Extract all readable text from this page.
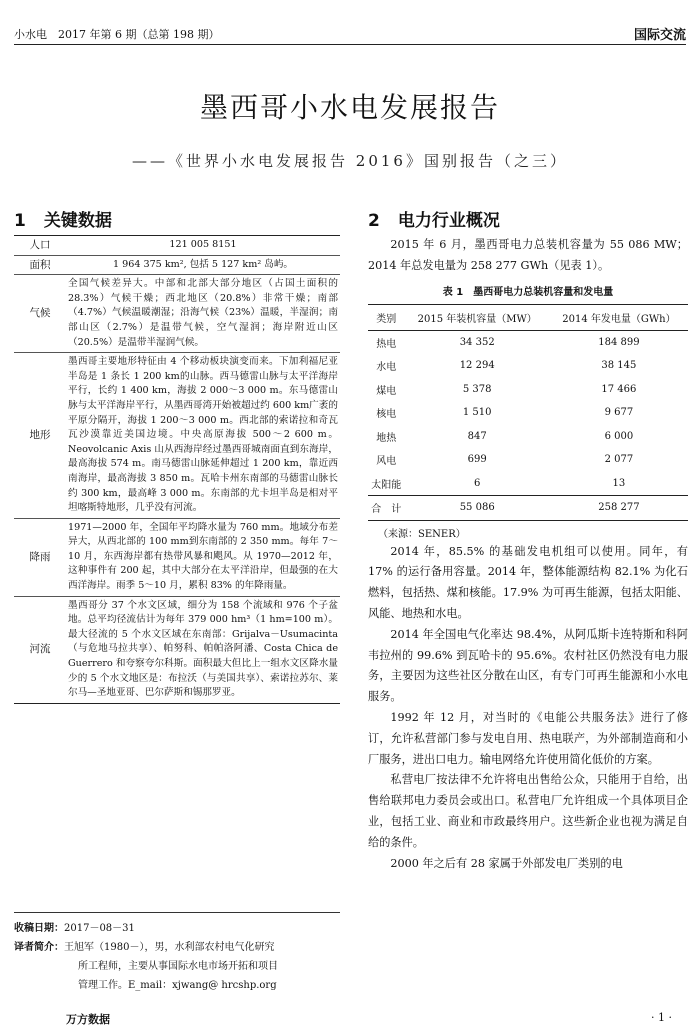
小水电　2017 年第 6 期（总第 198 期）	国际交流
墨西哥小水电发展报告
——《世界小水电发展报告 2016》国别报告（之三）
1 关键数据
人口	121 005 8151
面积	1 964 375 km², 包括 5 127 km² 岛屿。
气候	全国气候差异大。中部和北部大部分地区（占国土面积的 28.3%）气候干燥；西北地区（20.8%）非常干燥；南部（4.7%）气候温暖潮湿；沿海气候（23%）温暖，半湿润；南部山区（2.7%）是温带气候，空气湿润；海岸附近山区（20.5%）是温带半湿润气候。
地形	墨西哥主要地形特征由 4 个移动板块演变而来。下加利福尼亚半岛是 1 条长 1 200 km的山脉。西马德雷山脉与太平洋海岸平行，长约 1 400 km，海拔 2 000～3 000 m。东马德雷山脉与太平洋海岸平行，从墨西哥湾开始被超过约 600 km广袤的平原分隔开，海拔 1 200～3 000 m。西北部的索诺拉和奇瓦瓦沙漠靠近美国边境。中央高原海拔 500～2 600 m。Neovolcanic Axis 山从西海岸经过墨西哥城南面直到东海岸，最高海拔 574 m。南马德雷山脉延伸超过 1 200 km，靠近西南海岸，最高海拔 3 850 m。瓦哈卡州东南部的马德雷山脉长约 300 km，最高峰 3 000 m。东南部的尤卡坦半岛是相对平坦喀斯特地形，几乎没有河流。
降雨	1971—2000 年，全国年平均降水量为 760 mm。地域分布差异大，从西北部的 100 mm到东南部的 2 350 mm。每年 7～10 月，东西海岸都有热带风暴和飓风。从 1970—2012 年，这种事件有 200 起，其中大部分在太平洋沿岸，但最强的在大西洋海岸。雨季 5～10 月，累积 83% 的年降雨量。
河流	墨西哥分 37 个水文区域，细分为 158 个流域和 976 个子盆地。总平均径流估计为每年 379 000 hm³（1 hm=100 m）。最大径流的 5 个水文区域在东南部：Grijalva－Usumacinta（与危地马拉共享）、帕努科、帕帕洛阿潘、Costa Chica de Guerrero 和夸察夸尔科斯。面积最大但比上一组水文区降水量少的 5 个水文地区是：布拉沃（与美国共享）、索诺拉苏尔、莱尔马—圣地亚哥、巴尔萨斯和锡那罗亚。
收稿日期：2017－08－31
译者简介：王旭军（1980－），男，水利部农村电气化研究
所工程师，主要从事国际水电市场开拓和项目
管理工作。E_mail：xjwang@ hrcshp.org
万方数据
2 电力行业概况

2015 年 6 月，墨西哥电力总装机容量为 55 086 MW；2014 年总发电量为 258 277 GWh（见表 1）。

表 1　墨西哥电力总装机容量和发电量
类别	2015 年装机容量（MW）	2014 年发电量（GWh）
热电	34 352	184 899
水电	12 294	38 145
煤电	5 378	17 466
核电	1 510	9 677
地热	847	6 000
风电	699	2 077
太阳能	6	13
合　计	55 086	258 277
（来源：SENER）

2014 年，85.5% 的基础发电机组可以使用。同年，有 17% 的运行备用容量。2014 年，整体能源结构 82.1% 为化石燃料，包括热、煤和核能。17.9% 为可再生能源，包括太阳能、风能、地热和水电。

2014 年全国电气化率达 98.4%，从阿瓜斯卡连特斯和科阿韦拉州的 99.6% 到瓦哈卡的 95.6%。农村社区仍然没有电力服务，主要因为这些社区分散在山区，有专门可再生能源和小水电服务。

1992 年 12 月，对当时的《电能公共服务法》进行了修订，允许私营部门参与发电自用、热电联产，为外部制造商和小厂服务，进出口电力。输电网络允许使用简化低价的方案。

私营电厂按法律不允许将电出售给公众，只能用于自给，出售给联邦电力委员会或出口。私营电厂允许组成一个具体项目企业，包括工业、商业和市政最终用户。这些新企业也视为满足自给的条件。

2000 年之后有 28 家属于外部发电厂类别的电

· 1 ·
